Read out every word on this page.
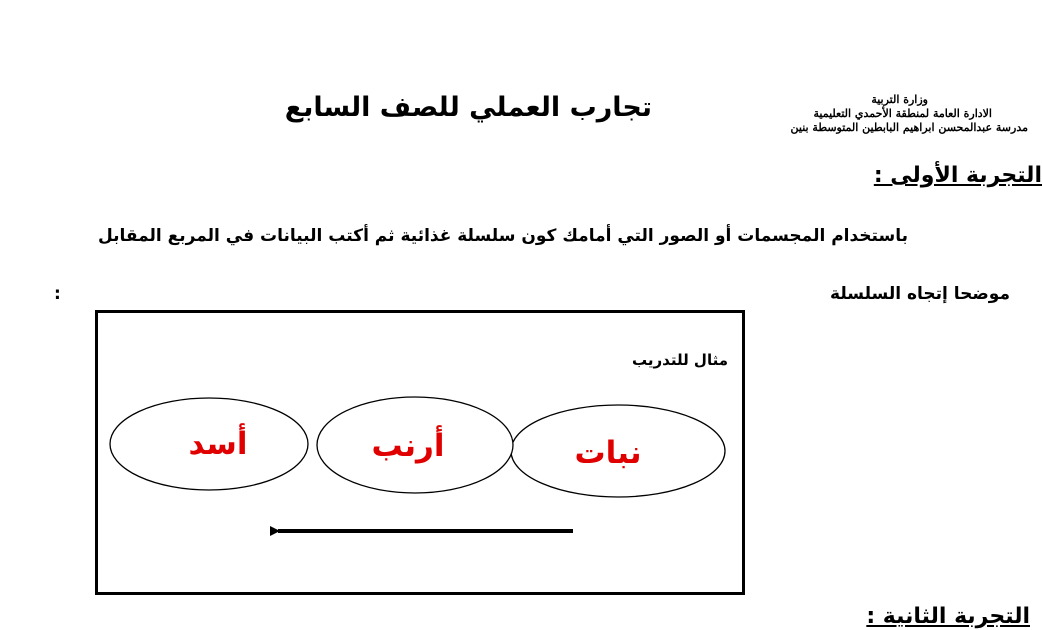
وزارة التربية
الادارة العامة لمنطقة الأحمدي التعليمية
مدرسة عبدالمحسن ابراهيم البابطين المتوسطة بنين
تجارب العملي للصف السابع
التجربة الأولى :
باستخدام المجسمات أو الصور التي أمامك كون سلسلة غذائية ثم أكتب البيانات في المربع المقابل
موضحا إتجاه السلسلة
:
مثال للتدريب
نبات
أرنب
أسد
التجربة الثانية :
